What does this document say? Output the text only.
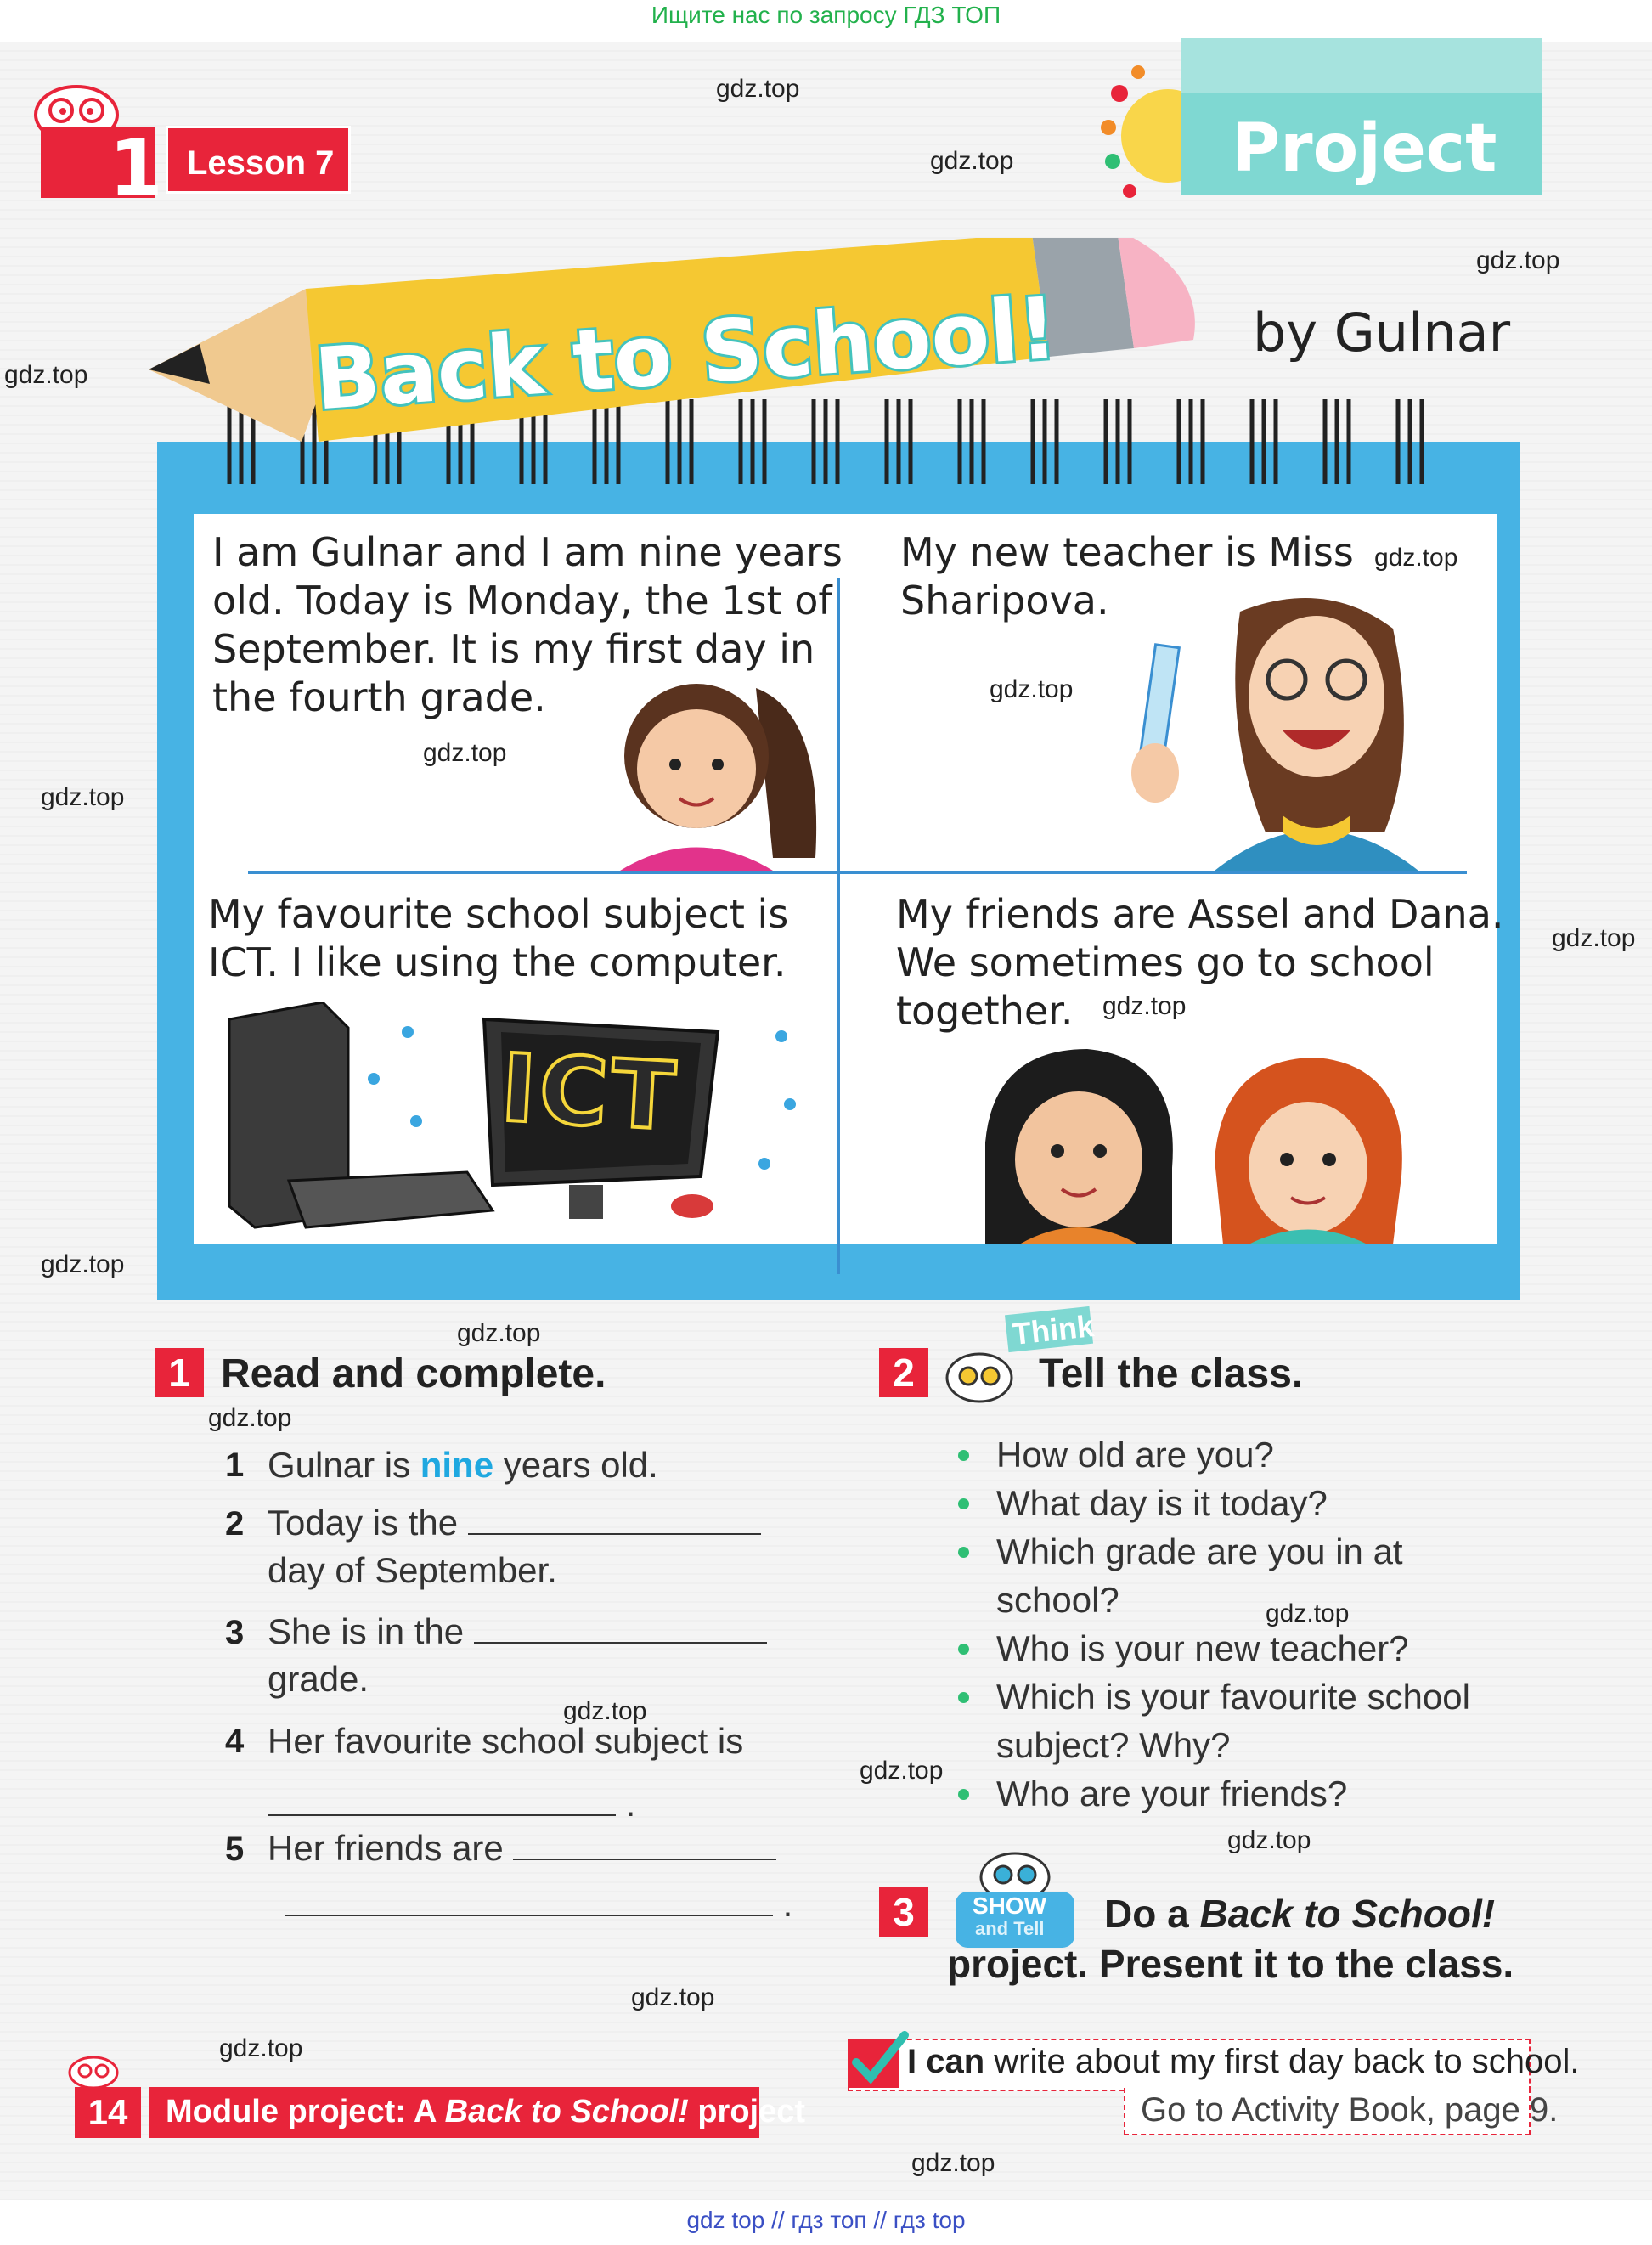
Ищите нас по запросу ГДЗ ТОП
1 Lesson 7	Project
Back to School!	by Gulnar
I am Gulnar and I am nine years
old. Today is Monday, the 1st of
September. It is my first day in
the fourth grade.
My new teacher is Miss
Sharipova.
My favourite school subject is
ICT. I like using the computer.
ICT
My friends are Assel and Dana.
We sometimes go to school
together.
1 Read and complete.
1 Gulnar is nine years old.
2 Today is the
day of September.
3 She is in the
grade.
4 Her favourite school subject is
.
5 Her friends are
.
2
Think
Tell the class.
How old are you?
What day is it today?
Which grade are you in at
school?
Who is your new teacher?
Which is your favourite school
subject? Why?
Who are your friends?
3	SHOW
and Tell Do a Back to School!
project. Present it to the class.
I can write about my first day back to school.
Go to Activity Book, page 9.
14	Module project: A Back to School! project
gdz.top
gdz.top
gdz.top
gdz.top
gdz.top
gdz.top
gdz.top
gdz.top
gdz.top
gdz.top
gdz.top
gdz.top
gdz.top
gdz.top
gdz.top
gdz.top
gdz.top
gdz.top
gdz.top
gdz.top
gdz top // гдз топ // гдз top
